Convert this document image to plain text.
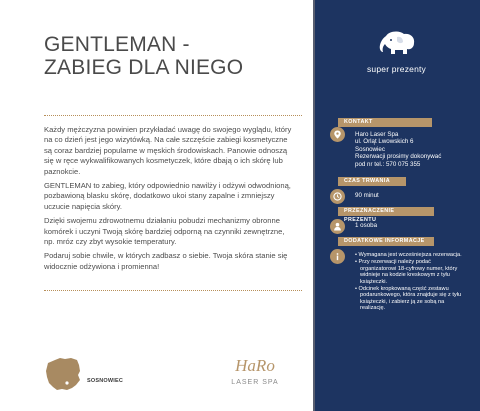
GENTLEMAN -
ZABIEG DLA NIEGO

Każdy mężczyzna powinien przykładać uwagę do swojego wyglądu, który na co dzień jest jego wizytówką. Na całe szczęście zabiegi kosmetyczne są coraz bardziej popularne w męskich środowiskach. Panowie odnoszą się w ręce wykwalifikowanych kosmetyczek, które dbają o ich skórę lub paznokcie.

GENTLEMAN to zabieg, który odpowiednio nawilży i odżywi odwodnioną, pozbawioną blasku skórę, dodatkowo ukoi stany zapalne i zmniejszy uczucie napięcia skóry.

Dzięki swojemu zdrowotnemu działaniu pobudzi mechanizmy obronne komórek i uczyni Twoją skórę bardziej odporną na czynniki zewnętrzne, np. mróz czy zbyt wysokie temperatury.

Podaruj sobie chwile, w których zadbasz o siebie. Twoja skóra stanie się widocznie odżywiona i promienna!

SOSNOWIEC
HaRo
LASER SPA
super prezenty
KONTAKT
Haro Laser Spa
ul. Orląt Lwowskich 6
Sosnowiec
Rezerwacji prosimy dokonywać
pod nr tel.: 570 075 355
CZAS TRWANIA
90 minut
PRZEZNACZENIE PREZENTU
1 osoba
DODATKOWE INFORMACJE
• Wymagana jest wcześniejsza rezerwacja.
• Przy rezerwacji należy podać organizatorowi 18-cyfrowy numer, który widnieje na kodzie kreskowym z tyłu książeczki.
• Odcinek kropkowaną część zestawu podarunkowego, która znajduje się z tyłu książeczki, i zabierz ją ze sobą na realizację.
